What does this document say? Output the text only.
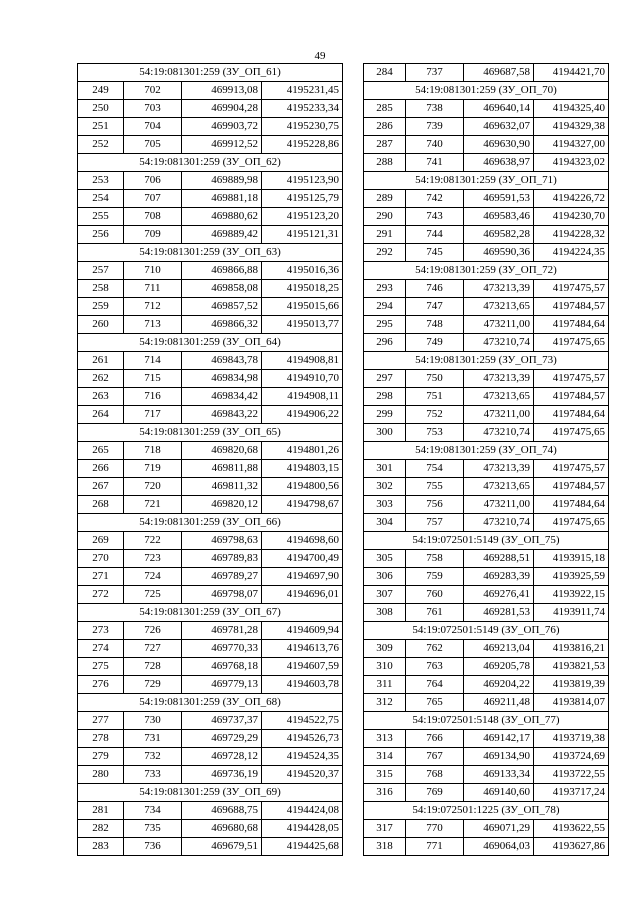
49
54:19:081301:259 (ЗУ_ОП_61)			
249	702	469913,08	4195231,45
250	703	469904,28	4195233,34
251	704	469903,72	4195230,75
252	705	469912,52	4195228,86
54:19:081301:259 (ЗУ_ОП_62)			
253	706	469889,98	4195123,90
254	707	469881,18	4195125,79
255	708	469880,62	4195123,20
256	709	469889,42	4195121,31
54:19:081301:259 (ЗУ_ОП_63)			
257	710	469866,88	4195016,36
258	711	469858,08	4195018,25
259	712	469857,52	4195015,66
260	713	469866,32	4195013,77
54:19:081301:259 (ЗУ_ОП_64)			
261	714	469843,78	4194908,81
262	715	469834,98	4194910,70
263	716	469834,42	4194908,11
264	717	469843,22	4194906,22
54:19:081301:259 (ЗУ_ОП_65)			
265	718	469820,68	4194801,26
266	719	469811,88	4194803,15
267	720	469811,32	4194800,56
268	721	469820,12	4194798,67
54:19:081301:259 (ЗУ_ОП_66)			
269	722	469798,63	4194698,60
270	723	469789,83	4194700,49
271	724	469789,27	4194697,90
272	725	469798,07	4194696,01
54:19:081301:259 (ЗУ_ОП_67)			
273	726	469781,28	4194609,94
274	727	469770,33	4194613,76
275	728	469768,18	4194607,59
276	729	469779,13	4194603,78
54:19:081301:259 (ЗУ_ОП_68)			
277	730	469737,37	4194522,75
278	731	469729,29	4194526,73
279	732	469728,12	4194524,35
280	733	469736,19	4194520,37
54:19:081301:259 (ЗУ_ОП_69)			
281	734	469688,75	4194424,08
282	735	469680,68	4194428,05
283	736	469679,51	4194425,68
284	737	469687,58	4194421,70
54:19:081301:259 (ЗУ_ОП_70)			
285	738	469640,14	4194325,40
286	739	469632,07	4194329,38
287	740	469630,90	4194327,00
288	741	469638,97	4194323,02
54:19:081301:259 (ЗУ_ОП_71)			
289	742	469591,53	4194226,72
290	743	469583,46	4194230,70
291	744	469582,28	4194228,32
292	745	469590,36	4194224,35
54:19:081301:259 (ЗУ_ОП_72)			
293	746	473213,39	4197475,57
294	747	473213,65	4197484,57
295	748	473211,00	4197484,64
296	749	473210,74	4197475,65
54:19:081301:259 (ЗУ_ОП_73)			
297	750	473213,39	4197475,57
298	751	473213,65	4197484,57
299	752	473211,00	4197484,64
300	753	473210,74	4197475,65
54:19:081301:259 (ЗУ_ОП_74)			
301	754	473213,39	4197475,57
302	755	473213,65	4197484,57
303	756	473211,00	4197484,64
304	757	473210,74	4197475,65
54:19:072501:5149 (ЗУ_ОП_75)			
305	758	469288,51	4193915,18
306	759	469283,39	4193925,59
307	760	469276,41	4193922,15
308	761	469281,53	4193911,74
54:19:072501:5149 (ЗУ_ОП_76)			
309	762	469213,04	4193816,21
310	763	469205,78	4193821,53
311	764	469204,22	4193819,39
312	765	469211,48	4193814,07
54:19:072501:5148 (ЗУ_ОП_77)			
313	766	469142,17	4193719,38
314	767	469134,90	4193724,69
315	768	469133,34	4193722,55
316	769	469140,60	4193717,24
54:19:072501:1225 (ЗУ_ОП_78)			
317	770	469071,29	4193622,55
318	771	469064,03	4193627,86
